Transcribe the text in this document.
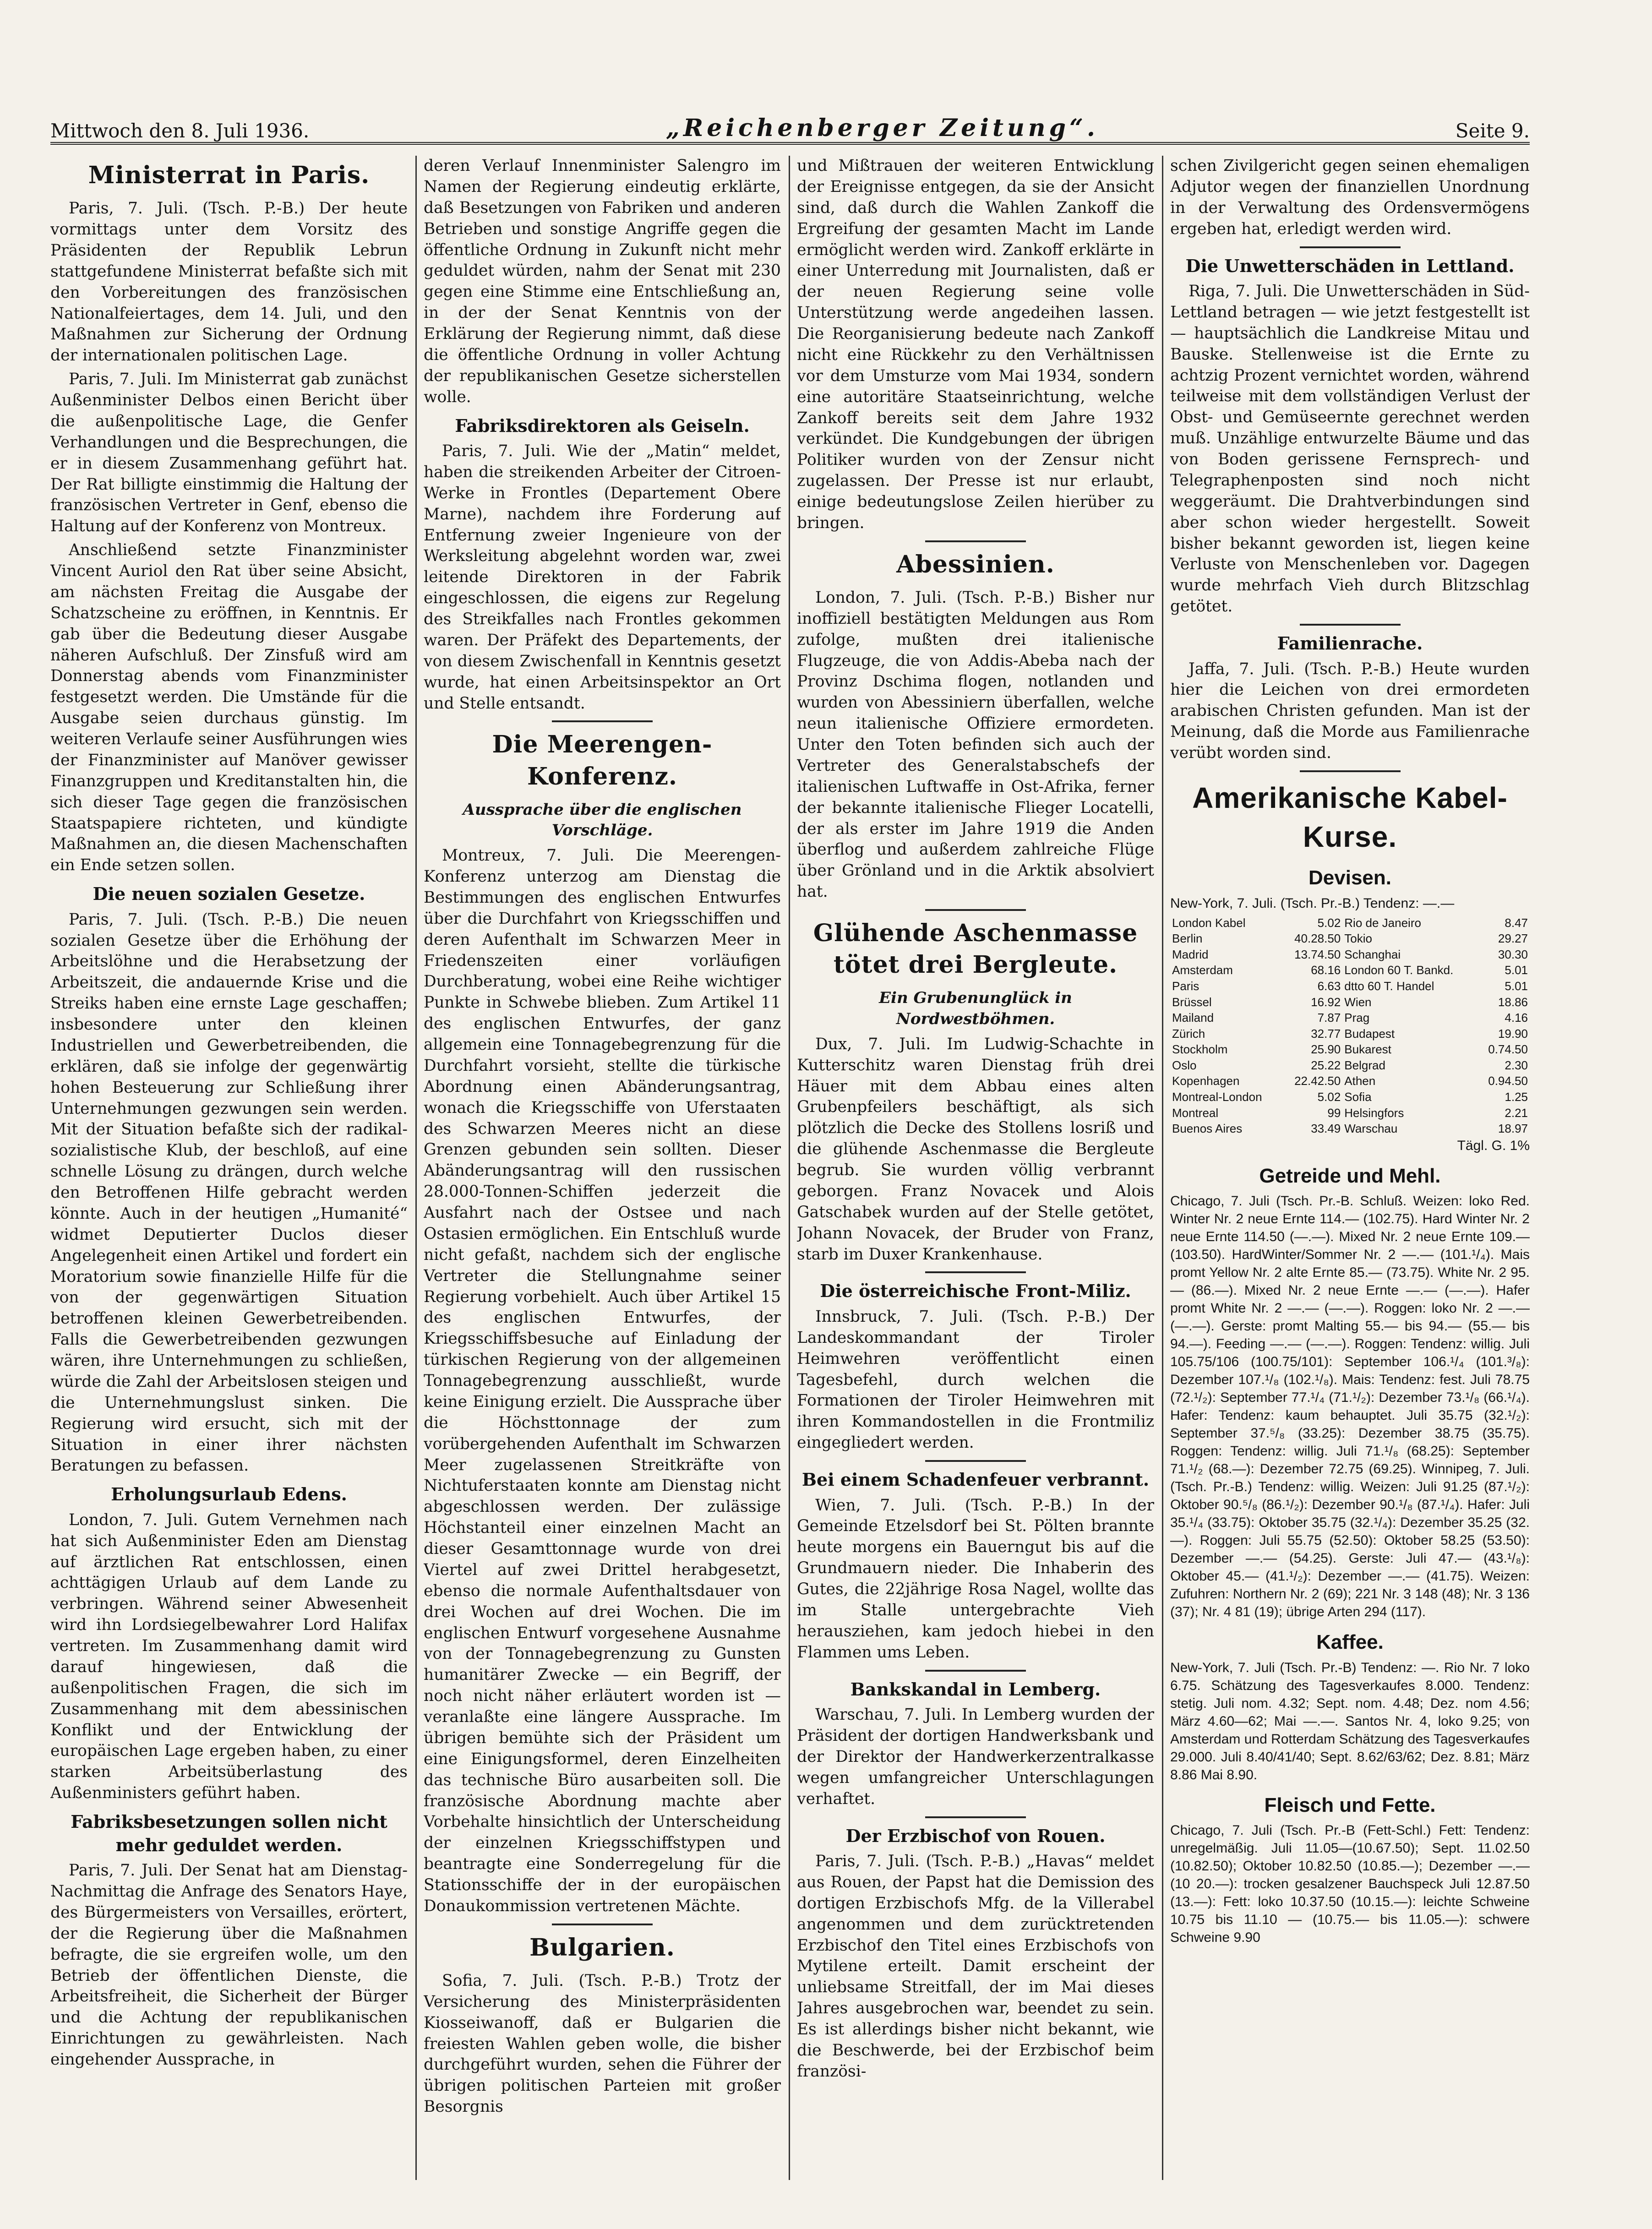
Mittwoch den 8. Juli 1936.	„Reichenberger Zeitung“.	Seite 9.
Ministerrat in Paris.

Paris, 7. Juli. (Tsch. P.-B.) Der heute vormittags unter dem Vorsitz des Präsidenten der Republik Lebrun stattgefundene Ministerrat befaßte sich mit den Vorbereitungen des französischen Nationalfeiertages, dem 14. Juli, und den Maßnahmen zur Sicherung der Ordnung der internationalen politischen Lage.

Paris, 7. Juli. Im Ministerrat gab zunächst Außenminister Delbos einen Bericht über die außenpolitische Lage, die Genfer Verhandlungen und die Besprechungen, die er in diesem Zusammenhang geführt hat. Der Rat billigte einstimmig die Haltung der französischen Vertreter in Genf, ebenso die Haltung auf der Konferenz von Montreux.

Anschließend setzte Finanzminister Vincent Auriol den Rat über seine Absicht, am nächsten Freitag die Ausgabe der Schatzscheine zu eröffnen, in Kenntnis. Er gab über die Bedeutung dieser Ausgabe näheren Aufschluß. Der Zinsfuß wird am Donnerstag abends vom Finanzminister festgesetzt werden. Die Umstände für die Ausgabe seien durchaus günstig. Im weiteren Verlaufe seiner Ausführungen wies der Finanzminister auf Manöver gewisser Finanzgruppen und Kreditanstalten hin, die sich dieser Tage gegen die französischen Staatspapiere richteten, und kündigte Maßnahmen an, die diesen Machenschaften ein Ende setzen sollen.

Die neuen sozialen Gesetze.

Paris, 7. Juli. (Tsch. P.-B.) Die neuen sozialen Gesetze über die Erhöhung der Arbeitslöhne und die Herabsetzung der Arbeitszeit, die andauernde Krise und die Streiks haben eine ernste Lage geschaffen; insbesondere unter den kleinen Industriellen und Gewerbetreibenden, die erklären, daß sie infolge der gegenwärtig hohen Besteuerung zur Schließung ihrer Unternehmungen gezwungen sein werden. Mit der Situation befaßte sich der radikal-sozialistische Klub, der beschloß, auf eine schnelle Lösung zu drängen, durch welche den Betroffenen Hilfe gebracht werden könnte. Auch in der heutigen „Humanité“ widmet Deputierter Duclos dieser Angelegenheit einen Artikel und fordert ein Moratorium sowie finanzielle Hilfe für die von der gegenwärtigen Situation betroffenen kleinen Gewerbetreibenden. Falls die Gewerbetreibenden gezwungen wären, ihre Unternehmungen zu schließen, würde die Zahl der Arbeitslosen steigen und die Unternehmungslust sinken. Die Regierung wird ersucht, sich mit der Situation in einer ihrer nächsten Beratungen zu befassen.

Erholungsurlaub Edens.

London, 7. Juli. Gutem Vernehmen nach hat sich Außenminister Eden am Dienstag auf ärztlichen Rat entschlossen, einen achttägigen Urlaub auf dem Lande zu verbringen. Während seiner Abwesenheit wird ihn Lordsiegelbewahrer Lord Halifax vertreten. Im Zusammenhang damit wird darauf hingewiesen, daß die außenpolitischen Fragen, die sich im Zusammenhang mit dem abessinischen Konflikt und der Entwicklung der europäischen Lage ergeben haben, zu einer starken Arbeitsüberlastung des Außenministers geführt haben.

Fabriksbesetzungen sollen nicht mehr geduldet werden.

Paris, 7. Juli. Der Senat hat am Dienstag-Nachmittag die Anfrage des Senators Haye, des Bürgermeisters von Versailles, erörtert, der die Regierung über die Maßnahmen befragte, die sie ergreifen wolle, um den Betrieb der öffentlichen Dienste, die Arbeitsfreiheit, die Sicherheit der Bürger und die Achtung der republikanischen Einrichtungen zu gewährleisten. Nach eingehender Aussprache, in

deren Verlauf Innenminister Salengro im Namen der Regierung eindeutig erklärte, daß Besetzungen von Fabriken und anderen Betrieben und sonstige Angriffe gegen die öffentliche Ordnung in Zukunft nicht mehr geduldet würden, nahm der Senat mit 230 gegen eine Stimme eine Entschließung an, in der der Senat Kenntnis von der Erklärung der Regierung nimmt, daß diese die öffentliche Ordnung in voller Achtung der republikanischen Gesetze sicherstellen wolle.

Fabriksdirektoren als Geiseln.

Paris, 7. Juli. Wie der „Matin“ meldet, haben die streikenden Arbeiter der Citroen-Werke in Frontles (Departement Obere Marne), nachdem ihre Forderung auf Entfernung zweier Ingenieure von der Werksleitung abgelehnt worden war, zwei leitende Direktoren in der Fabrik eingeschlossen, die eigens zur Regelung des Streikfalles nach Frontles gekommen waren. Der Präfekt des Departements, der von diesem Zwischenfall in Kenntnis gesetzt wurde, hat einen Arbeitsinspektor an Ort und Stelle entsandt.

Die Meerengen-Konferenz.
Aussprache über die englischen Vorschläge.

Montreux, 7. Juli. Die Meerengen-Konferenz unterzog am Dienstag die Bestimmungen des englischen Entwurfes über die Durchfahrt von Kriegsschiffen und deren Aufenthalt im Schwarzen Meer in Friedenszeiten einer vorläufigen Durchberatung, wobei eine Reihe wichtiger Punkte in Schwebe blieben. Zum Artikel 11 des englischen Entwurfes, der ganz allgemein eine Tonnagebegrenzung für die Durchfahrt vorsieht, stellte die türkische Abordnung einen Abänderungsantrag, wonach die Kriegsschiffe von Uferstaaten des Schwarzen Meeres nicht an diese Grenzen gebunden sein sollten. Dieser Abänderungsantrag will den russischen 28.000-Tonnen-Schiffen jederzeit die Ausfahrt nach der Ostsee und nach Ostasien ermöglichen. Ein Entschluß wurde nicht gefaßt, nachdem sich der englische Vertreter die Stellungnahme seiner Regierung vorbehielt. Auch über Artikel 15 des englischen Entwurfes, der Kriegsschiffsbesuche auf Einladung der türkischen Regierung von der allgemeinen Tonnagebegrenzung ausschließt, wurde keine Einigung erzielt. Die Aussprache über die Höchsttonnage der zum vorübergehenden Aufenthalt im Schwarzen Meer zugelassenen Streitkräfte von Nichtuferstaaten konnte am Dienstag nicht abgeschlossen werden. Der zulässige Höchstanteil einer einzelnen Macht an dieser Gesamttonnage wurde von drei Viertel auf zwei Drittel herabgesetzt, ebenso die normale Aufenthaltsdauer von drei Wochen auf drei Wochen. Die im englischen Entwurf vorgesehene Ausnahme von der Tonnagebegrenzung zu Gunsten humanitärer Zwecke — ein Begriff, der noch nicht näher erläutert worden ist — veranlaßte eine längere Aussprache. Im übrigen bemühte sich der Präsident um eine Einigungsformel, deren Einzelheiten das technische Büro ausarbeiten soll. Die französische Abordnung machte aber Vorbehalte hinsichtlich der Unterscheidung der einzelnen Kriegsschiffstypen und beantragte eine Sonderregelung für die Stationsschiffe der in der europäischen Donaukommission vertretenen Mächte.

Bulgarien.

Sofia, 7. Juli. (Tsch. P.-B.) Trotz der Versicherung des Ministerpräsidenten Kiosseiwanoff, daß er Bulgarien die freiesten Wahlen geben wolle, die bisher durchgeführt wurden, sehen die Führer der übrigen politischen Parteien mit großer Besorgnis

und Mißtrauen der weiteren Entwicklung der Ereignisse entgegen, da sie der Ansicht sind, daß durch die Wahlen Zankoff die Ergreifung der gesamten Macht im Lande ermöglicht werden wird. Zankoff erklärte in einer Unterredung mit Journalisten, daß er der neuen Regierung seine volle Unterstützung werde angedeihen lassen. Die Reorganisierung bedeute nach Zankoff nicht eine Rückkehr zu den Verhältnissen vor dem Umsturze vom Mai 1934, sondern eine autoritäre Staatseinrichtung, welche Zankoff bereits seit dem Jahre 1932 verkündet. Die Kundgebungen der übrigen Politiker wurden von der Zensur nicht zugelassen. Der Presse ist nur erlaubt, einige bedeutungslose Zeilen hierüber zu bringen.

Abessinien.

London, 7. Juli. (Tsch. P.-B.) Bisher nur inoffiziell bestätigten Meldungen aus Rom zufolge, mußten drei italienische Flugzeuge, die von Addis-Abeba nach der Provinz Dschima flogen, notlanden und wurden von Abessiniern überfallen, welche neun italienische Offiziere ermordeten. Unter den Toten befinden sich auch der Vertreter des Generalstabschefs der italienischen Luftwaffe in Ost-Afrika, ferner der bekannte italienische Flieger Locatelli, der als erster im Jahre 1919 die Anden überflog und außerdem zahlreiche Flüge über Grönland und in die Arktik absolviert hat.

Glühende Aschenmasse tötet drei Bergleute.
Ein Grubenunglück in Nordwestböhmen.

Dux, 7. Juli. Im Ludwig-Schachte in Kutterschitz waren Dienstag früh drei Häuer mit dem Abbau eines alten Grubenpfeilers beschäftigt, als sich plötzlich die Decke des Stollens losriß und die glühende Aschenmasse die Bergleute begrub. Sie wurden völlig verbrannt geborgen. Franz Novacek und Alois Gatschabek wurden auf der Stelle getötet, Johann Novacek, der Bruder von Franz, starb im Duxer Krankenhause.

Die österreichische Front-Miliz.

Innsbruck, 7. Juli. (Tsch. P.-B.) Der Landeskommandant der Tiroler Heimwehren veröffentlicht einen Tagesbefehl, durch welchen die Formationen der Tiroler Heimwehren mit ihren Kommandostellen in die Frontmiliz eingegliedert werden.

Bei einem Schadenfeuer verbrannt.

Wien, 7. Juli. (Tsch. P.-B.) In der Gemeinde Etzelsdorf bei St. Pölten brannte heute morgens ein Bauerngut bis auf die Grundmauern nieder. Die Inhaberin des Gutes, die 22jährige Rosa Nagel, wollte das im Stalle untergebrachte Vieh herausziehen, kam jedoch hiebei in den Flammen ums Leben.

Bankskandal in Lemberg.

Warschau, 7. Juli. In Lemberg wurden der Präsident der dortigen Handwerksbank und der Direktor der Handwerkerzentralkasse wegen umfangreicher Unterschlagungen verhaftet.

Der Erzbischof von Rouen.

Paris, 7. Juli. (Tsch. P.-B.) „Havas“ meldet aus Rouen, der Papst hat die Demission des dortigen Erzbischofs Mfg. de la Villerabel angenommen und dem zurücktretenden Erzbischof den Titel eines Erzbischofs von Mytilene erteilt. Damit erscheint der unliebsame Streitfall, der im Mai dieses Jahres ausgebrochen war, beendet zu sein. Es ist allerdings bisher nicht bekannt, wie die Beschwerde, bei der Erzbischof beim französi-

schen Zivilgericht gegen seinen ehemaligen Adjutor wegen der finanziellen Unordnung in der Verwaltung des Ordensvermögens ergeben hat, erledigt werden wird.

Die Unwetterschäden in Lettland.

Riga, 7. Juli. Die Unwetterschäden in Süd-Lettland betragen — wie jetzt festgestellt ist — hauptsächlich die Landkreise Mitau und Bauske. Stellenweise ist die Ernte zu achtzig Prozent vernichtet worden, während teilweise mit dem vollständigen Verlust der Obst- und Gemüseernte gerechnet werden muß. Unzählige entwurzelte Bäume und das von Boden gerissene Fernsprech- und Telegraphenposten sind noch nicht weggeräumt. Die Drahtverbindungen sind aber schon wieder hergestellt. Soweit bisher bekannt geworden ist, liegen keine Verluste von Menschenleben vor. Dagegen wurde mehrfach Vieh durch Blitzschlag getötet.

Familienrache.

Jaffa, 7. Juli. (Tsch. P.-B.) Heute wurden hier die Leichen von drei ermordeten arabischen Christen gefunden. Man ist der Meinung, daß die Morde aus Familienrache verübt worden sind.

Amerikanische Kabel-Kurse.
Devisen.

New-York, 7. Juli. (Tsch. Pr.-B.) Tendenz: —.—

London Kabel	5.02	Rio de Janeiro	8.47
Berlin	40.28.50	Tokio	29.27
Madrid	13.74.50	Schanghai	30.30
Amsterdam	68.16	London 60 T. Bankd.	5.01
Paris	6.63	dtto 60 T. Handel	5.01
Brüssel	16.92	Wien	18.86
Mailand	7.87	Prag	4.16
Zürich	32.77	Budapest	19.90
Stockholm	25.90	Bukarest	0.74.50
Oslo	25.22	Belgrad	2.30
Kopenhagen	22.42.50	Athen	0.94.50
Montreal-London	5.02	Sofia	1.25
Montreal	99	Helsingfors	2.21
Buenos Aires	33.49	Warschau	18.97

Tägl. G. 1%

Getreide und Mehl.

Chicago, 7. Juli (Tsch. Pr.-B. Schluß. Weizen: loko Red. Winter Nr. 2 neue Ernte 114.— (102.75). Hard Winter Nr. 2 neue Ernte 114.50 (—.—). Mixed Nr. 2 neue Ernte 109.— (103.50). HardWinter/Sommer Nr. 2 —.— (101.¹/₄). Mais promt Yellow Nr. 2 alte Ernte 85.— (73.75). White Nr. 2 95.— (86.—). Mixed Nr. 2 neue Ernte —.— (—.—). Hafer promt White Nr. 2 —.— (—.—). Roggen: loko Nr. 2 —.— (—.—). Gerste: promt Malting 55.— bis 94.— (55.— bis 94.—). Feeding —.— (—.—). Roggen: Tendenz: willig. Juli 105.75/106 (100.75/101): September 106.¹/₄ (101.³/₈): Dezember 107.¹/₈ (102.¹/₈). Mais: Tendenz: fest. Juli 78.75 (72.¹/₂): September 77.¹/₄ (71.¹/₂): Dezember 73.¹/₈ (66.¹/₄). Hafer: Tendenz: kaum behauptet. Juli 35.75 (32.¹/₂): September 37.⁵/₈ (33.25): Dezember 38.75 (35.75). Roggen: Tendenz: willig. Juli 71.¹/₈ (68.25): September 71.¹/₂ (68.—): Dezember 72.75 (69.25). Winnipeg, 7. Juli. (Tsch. Pr.-B.) Tendenz: willig. Weizen: Juli 91.25 (87.¹/₂): Oktober 90.⁵/₈ (86.¹/₂): Dezember 90.¹/₈ (87.¹/₄). Hafer: Juli 35.¹/₄ (33.75): Oktober 35.75 (32.¹/₄): Dezember 35.25 (32.—). Roggen: Juli 55.75 (52.50): Oktober 58.25 (53.50): Dezember —.— (54.25). Gerste: Juli 47.— (43.¹/₈): Oktober 45.— (41.¹/₂): Dezember —.— (41.75). Weizen: Zufuhren: Northern Nr. 2 (69); 221 Nr. 3 148 (48); Nr. 3 136 (37); Nr. 4 81 (19); übrige Arten 294 (117).

Kaffee.

New-York, 7. Juli (Tsch. Pr.-B) Tendenz: —. Rio Nr. 7 loko 6.75. Schätzung des Tagesverkaufes 8.000. Tendenz: stetig. Juli nom. 4.32; Sept. nom. 4.48; Dez. nom 4.56; März 4.60—62; Mai —.—. Santos Nr. 4, loko 9.25; von Amsterdam und Rotterdam Schätzung des Tagesverkaufes 29.000. Juli 8.40/41/40; Sept. 8.62/63/62; Dez. 8.81; März 8.86 Mai 8.90.

Fleisch und Fette.

Chicago, 7. Juli (Tsch. Pr.-B (Fett-Schl.) Fett: Tendenz: unregelmäßig. Juli 11.05—(10.67.50); Sept. 11.02.50 (10.82.50); Oktober 10.82.50 (10.85.—); Dezember —.— (10 20.—): trocken gesalzener Bauchspeck Juli 12.87.50 (13.—): Fett: loko 10.37.50 (10.15.—): leichte Schweine 10.75 bis 11.10 — (10.75.— bis 11.05.—): schwere Schweine 9.90
